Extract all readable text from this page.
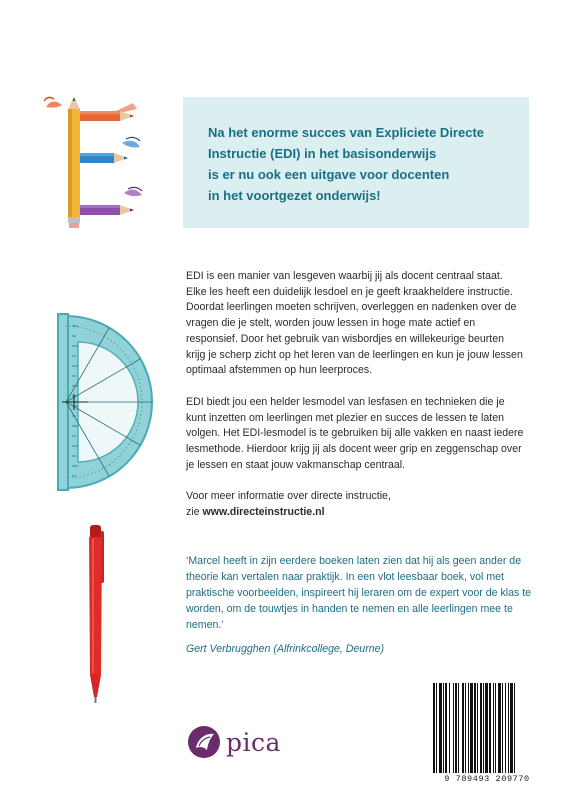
Na het enorme succes van Expliciete Directe
Instructie (EDI) in het basisonderwijs
is er nu ook een uitgave voor docenten
in het voortgezet onderwijs!

EDI is een manier van lesgeven waarbij jij als docent centraal staat. Elke les heeft een duidelijk lesdoel en je geeft kraakheldere instructie. Doordat leerlingen moeten schrijven, overleggen en nadenken over de vragen die je stelt, worden jouw lessen in hoge mate actief en responsief. Door het gebruik van wisbordjes en willekeurige beurten krijg je scherp zicht op het leren van de leerlingen en kun je jouw lessen optimaal afstemmen op hun leerproces.

EDI biedt jou een helder lesmodel van lesfasen en technieken die je kunt inzetten om leerlingen met plezier en succes de lessen te laten volgen. Het EDI-lesmodel is te gebruiken bij alle vakken en naast iedere lesmethode. Hierdoor krijg jij als docent weer grip en zeggenschap over je lessen en staat jouw vakmanschap centraal.

Voor meer informatie over directe instructie,
zie www.directeinstructie.nl

‘Marcel heeft in zijn eerdere boeken laten zien dat hij als geen ander de theorie kan vertalen naar praktijk. In een vlot leesbaar boek, vol met praktische voorbeelden, inspireert hij leraren om de expert voor de klas te worden, om de touwtjes in handen te nemen en alle leerlingen mee te nemen.’

Gert Verbrugghen (Alfrinkcollege, Deurne)

pica
9 789493 209770
